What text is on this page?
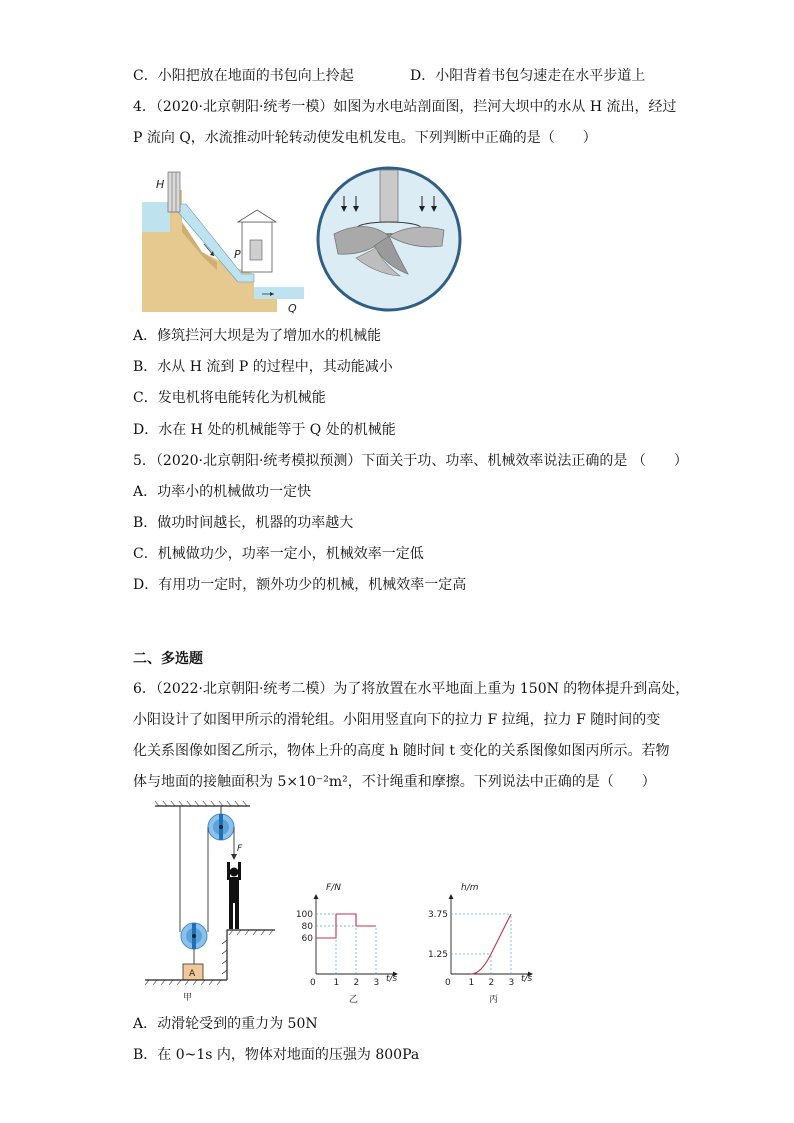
C．小阳把放在地面的书包向上拎起	D．小阳背着书包匀速走在水平步道上
4．（2020·北京朝阳·统考一模）如图为水电站剖面图，拦河大坝中的水从 H 流出，经过
P 流向 Q，水流推动叶轮转动使发电机发电。下列判断中正确的是（　　）
H
P
Q
A．修筑拦河大坝是为了增加水的机械能
B．水从 H 流到 P 的过程中，其动能减小
C．发电机将电能转化为机械能
D．水在 H 处的机械能等于 Q 处的机械能
5．（2020·北京朝阳·统考模拟预测）下面关于功、功率、机械效率说法正确的是 （　　）
A．功率小的机械做功一定快
B．做功时间越长，机器的功率越大
C．机械做功少，功率一定小，机械效率一定低
D．有用功一定时，额外功少的机械，机械效率一定高
二、多选题
6．（2022·北京朝阳·统考二模）为了将放置在水平地面上重为 150N 的物体提升到高处，
小阳设计了如图甲所示的滑轮组。小阳用竖直向下的拉力 F 拉绳，拉力 F 随时间的变
化关系图像如图乙所示，物体上升的高度 h 随时间 t 变化的关系图像如图丙所示。若物
体与地面的接触面积为 5×10⁻²m²，不计绳重和摩擦。下列说法中正确的是（　　）
A
F
甲
100
80
60
0 1 2 3
F/N
t/s
乙
3.75
1.25
0 1 2 3
h/m
t/s
丙
A．动滑轮受到的重力为 50N
B．在 0~1s 内，物体对地面的压强为 800Pa
